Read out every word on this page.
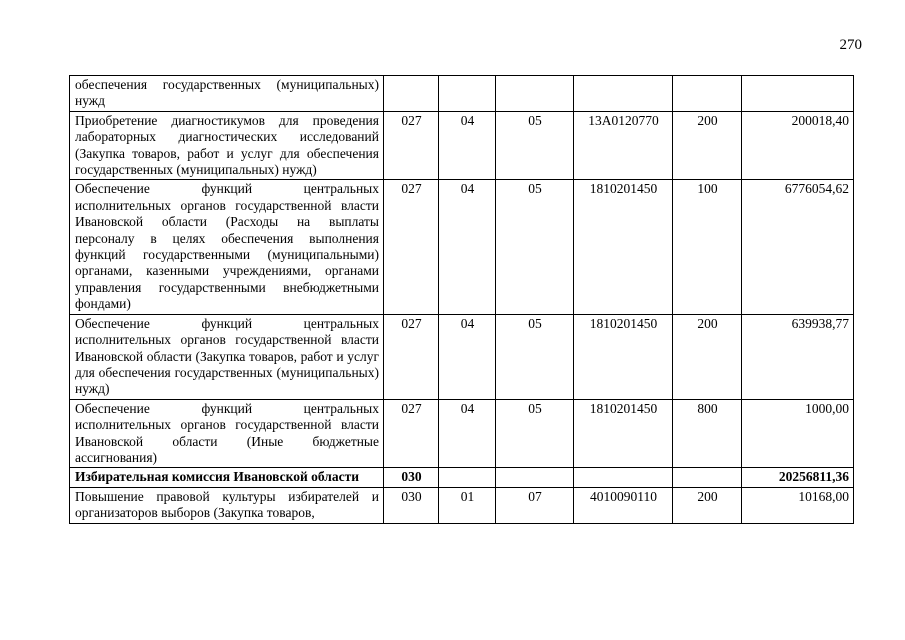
270
обеспечения государственных (муниципальных) нужд						
Приобретение диагностикумов для проведения лабораторных диагностических исследований (Закупка товаров, работ и услуг для обеспечения государственных (муниципальных) нужд)	027	04	05	13А0120770	200	200018,40
Обеспечение функций центральных исполнительных органов государственной власти Ивановской области (Расходы на выплаты персоналу в целях обеспечения выполнения функций государственными (муниципальными) органами, казенными учреждениями, органами управления государственными внебюджетными фондами)	027	04	05	1810201450	100	6776054,62
Обеспечение функций центральных исполнительных органов государственной власти Ивановской области (Закупка товаров, работ и услуг для обеспечения государственных (муниципальных) нужд)	027	04	05	1810201450	200	639938,77
Обеспечение функций центральных исполнительных органов государственной власти Ивановской области (Иные бюджетные ассигнования)	027	04	05	1810201450	800	1000,00
Избирательная комиссия Ивановской области	030					20256811,36
Повышение правовой культуры избирателей и организаторов выборов (Закупка товаров,	030	01	07	4010090110	200	10168,00
